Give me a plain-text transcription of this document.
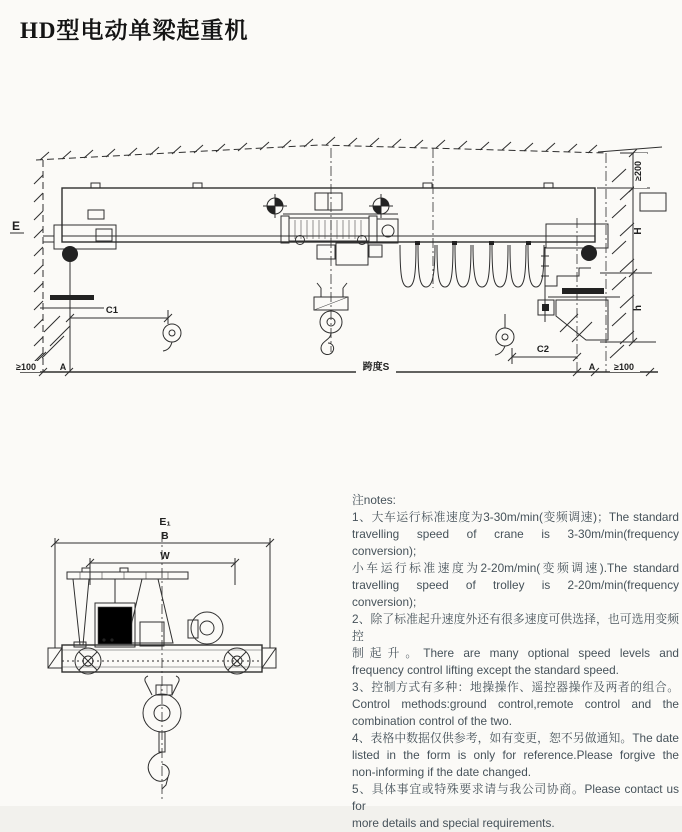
HD型电动单梁起重机
E
≥200
H
h
≥100	A	跨度S	A ≥100
C1
C2
E₁
B
W
注notes:
1、大车运行标准速度为3-30m/min(变频调速)；The standard
travelling speed of crane is 3-30m/min(frequency
conversion);
小车运行标准速度为2-20m/min(变频调速).The standard
travelling speed of trolley is 2-20m/min(frequency
conversion);
2、除了标准起升速度外还有很多速度可供选择，也可选用变频控
制起升。There are many optional speed levels and
frequency control lifting except the standard speed.
3、控制方式有多种：地操操作、遥控器操作及两者的组合。
Control methods:ground control,remote control and the
combination control of the two.
4、表格中数据仅供参考，如有变更，恕不另做通知。The date
listed in the form is only for reference.Please forgive the
non-informing if the date changed.
5、具体事宜或特殊要求请与我公司协商。Please contact us for
more details and special requirements.
